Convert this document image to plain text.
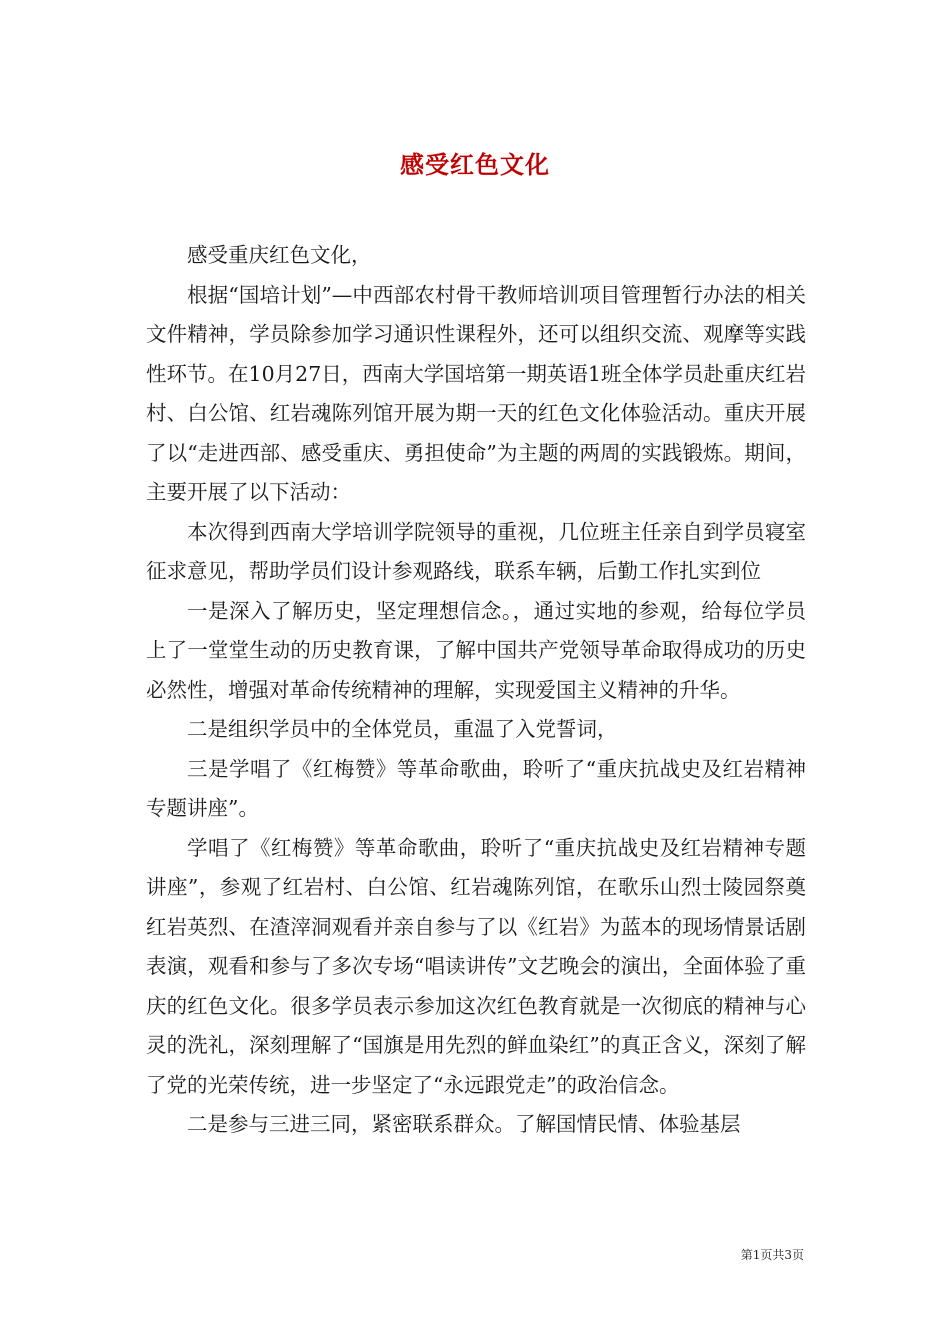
感受红色文化

感受重庆红色文化，

根据“国培计划”—中西部农村骨干教师培训项目管理暂行办法的相关文件精神，学员除参加学习通识性课程外，还可以组织交流、观摩等实践性环节。在10月27日，西南大学国培第一期英语1班全体学员赴重庆红岩村、白公馆、红岩魂陈列馆开展为期一天的红色文化体验活动。重庆开展了以“走进西部、感受重庆、勇担使命”为主题的两周的实践锻炼。期间，主要开展了以下活动：

本次得到西南大学培训学院领导的重视，几位班主任亲自到学员寝室征求意见，帮助学员们设计参观路线，联系车辆，后勤工作扎实到位

一是深入了解历史，坚定理想信念。，通过实地的参观，给每位学员上了一堂堂生动的历史教育课，了解中国共产党领导革命取得成功的历史必然性，增强对革命传统精神的理解，实现爱国主义精神的升华。

二是组织学员中的全体党员，重温了入党誓词，

三是学唱了《红梅赞》等革命歌曲，聆听了“重庆抗战史及红岩精神专题讲座”。

学唱了《红梅赞》等革命歌曲，聆听了“重庆抗战史及红岩精神专题讲座”，参观了红岩村、白公馆、红岩魂陈列馆，在歌乐山烈士陵园祭奠红岩英烈、在渣滓洞观看并亲自参与了以《红岩》为蓝本的现场情景话剧表演，观看和参与了多次专场“唱读讲传”文艺晚会的演出，全面体验了重庆的红色文化。很多学员表示参加这次红色教育就是一次彻底的精神与心灵的洗礼，深刻理解了“国旗是用先烈的鲜血染红”的真正含义，深刻了解了党的光荣传统，进一步坚定了“永远跟党走”的政治信念。

二是参与三进三同，紧密联系群众。了解国情民情、体验基层

第1页共3页
